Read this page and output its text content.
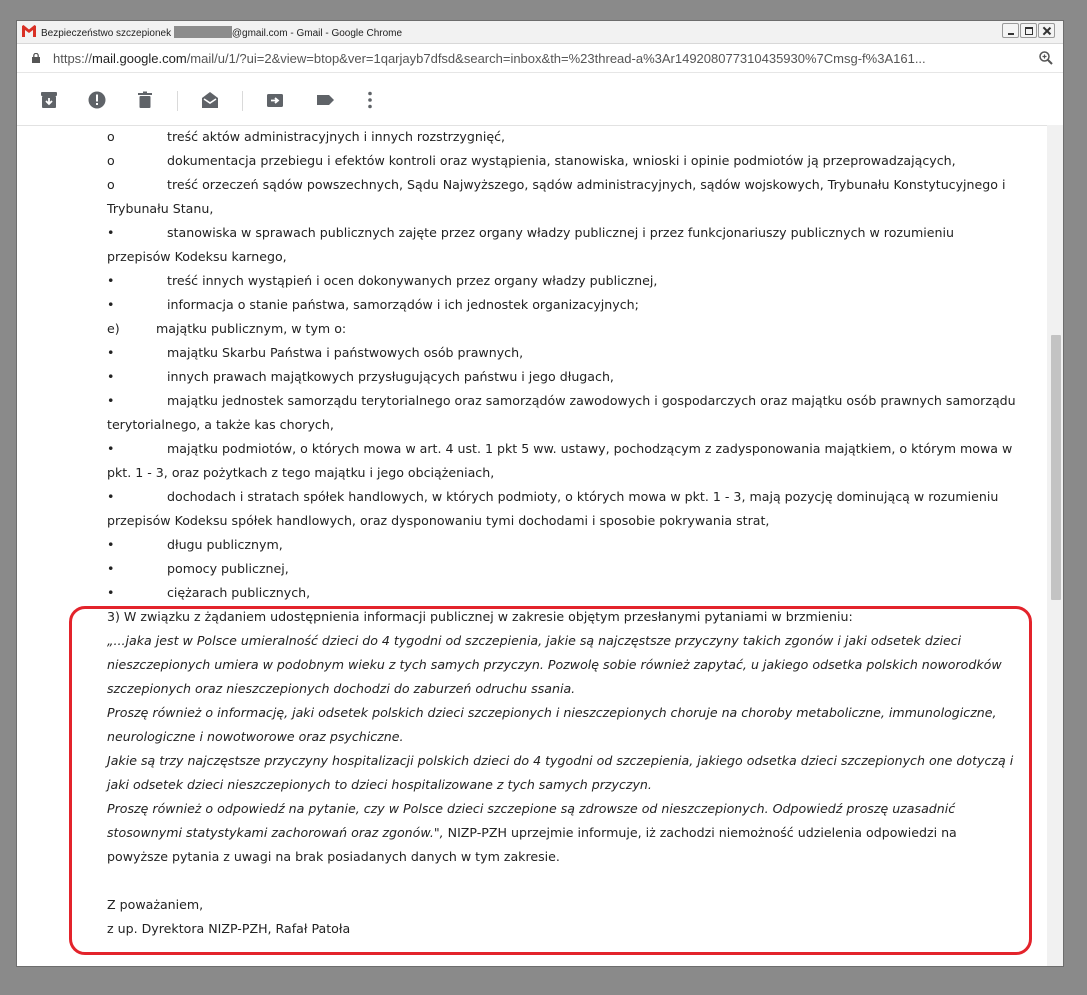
Bezpieczeństwo szczepionek	@gmail.com - Gmail - Google Chrome
https://mail.google.com/mail/u/1/?ui=2&view=btop&ver=1qarjayb7dfsd&search=inbox&th=%23thread-a%3Ar1492080773104359​30%7Cmsg-f%3A161...
o	treść aktów administracyjnych i innych rozstrzygnięć,
o	dokumentacja przebiegu i efektów kontroli oraz wystąpienia, stanowiska, wnioski i opinie podmiotów ją przeprowadzających,
o	treść orzeczeń sądów powszechnych, Sądu Najwyższego, sądów administracyjnych, sądów wojskowych, Trybunału Konstytucyjnego i
Trybunału Stanu,
•	stanowiska w sprawach publicznych zajęte przez organy władzy publicznej i przez funkcjonariuszy publicznych w rozumieniu
przepisów Kodeksu karnego,
•	treść innych wystąpień i ocen dokonywanych przez organy władzy publicznej,
•	informacja o stanie państwa, samorządów i ich jednostek organizacyjnych;
e)	majątku publicznym, w tym o:
•	majątku Skarbu Państwa i państwowych osób prawnych,
•	innych prawach majątkowych przysługujących państwu i jego długach,
•	majątku jednostek samorządu terytorialnego oraz samorządów zawodowych i gospodarczych oraz majątku osób prawnych samorządu
terytorialnego, a także kas chorych,
•	majątku podmiotów, o których mowa w art. 4 ust. 1 pkt 5 ww. ustawy, pochodzącym z zadysponowania majątkiem, o którym mowa w
pkt. 1 - 3, oraz pożytkach z tego majątku i jego obciążeniach,
•	dochodach i stratach spółek handlowych, w których podmioty, o których mowa w pkt. 1 - 3, mają pozycję dominującą w rozumieniu
przepisów Kodeksu spółek handlowych, oraz dysponowaniu tymi dochodami i sposobie pokrywania strat,
•	długu publicznym,
•	pomocy publicznej,
•	ciężarach publicznych,
3) W związku z żądaniem udostępnienia informacji publicznej w zakresie objętym przesłanymi pytaniami w brzmieniu:
„...jaka jest w Polsce umieralność dzieci do 4 tygodni od szczepienia, jakie są najczęstsze przyczyny takich zgonów i jaki odsetek dzieci
nieszczepionych umiera w podobnym wieku z tych samych przyczyn. Pozwolę sobie również zapytać, u jakiego odsetka polskich noworodków
szczepionych oraz nieszczepionych dochodzi do zaburzeń odruchu ssania.
Proszę również o informację, jaki odsetek polskich dzieci szczepionych i nieszczepionych choruje na choroby metaboliczne, immunologiczne,
neurologiczne i nowotworowe oraz psychiczne.
Jakie są trzy najczęstsze przyczyny hospitalizacji polskich dzieci do 4 tygodni od szczepienia, jakiego odsetka dzieci szczepionych one dotyczą i
jaki odsetek dzieci nieszczepionych to dzieci hospitalizowane z tych samych przyczyn.
Proszę również o odpowiedź na pytanie, czy w Polsce dzieci szczepione są zdrowsze od nieszczepionych. Odpowiedź proszę uzasadnić
stosownymi statystykami zachorowań oraz zgonów.", NIZP-PZH uprzejmie informuje, iż zachodzi niemożność udzielenia odpowiedzi na
powyższe pytania z uwagi na brak posiadanych danych w tym zakresie.
Z poważaniem,
z up. Dyrektora NIZP-PZH, Rafał Patoła
